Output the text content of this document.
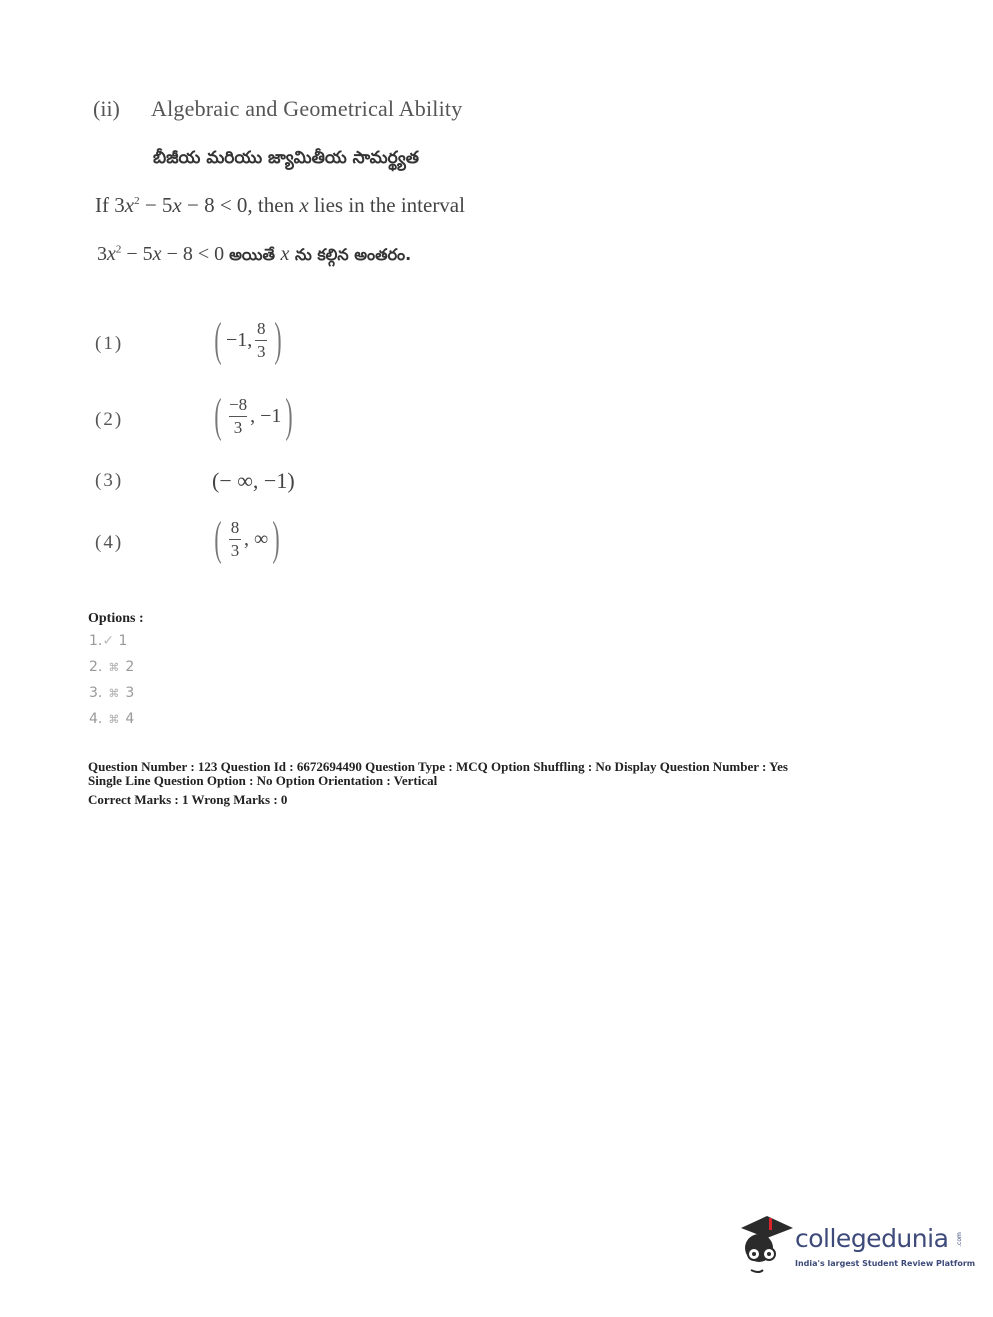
(ii) Algebraic and Geometrical Ability
బీజీయ మరియు జ్యామితీయ సామర్థ్యత
If $3x^2 - 5x - 8 < 0$, then x lies in the interval
$3x^2 - 5x - 8 < 0$ అయితే x ను కల్గిన అంతరం.
(1) ( −1, $\frac{8}{3}$ )
(2) ( $\frac{-8}{3}$ , −1 )
(3)	(− ∞, −1)
(4) ( $\frac{8}{3}$ , ∞ )
Options :
1.✓ 1
2. ⌘ 2
3. ⌘ 3
4. ⌘ 4
Question Number : 123 Question Id : 6672694490 Question Type : MCQ Option Shuffling : No Display Question Number : Yes
Single Line Question Option : No Option Orientation : Vertical
Correct Marks : 1 Wrong Marks : 0
collegedunia .com
India's largest Student Review Platform
